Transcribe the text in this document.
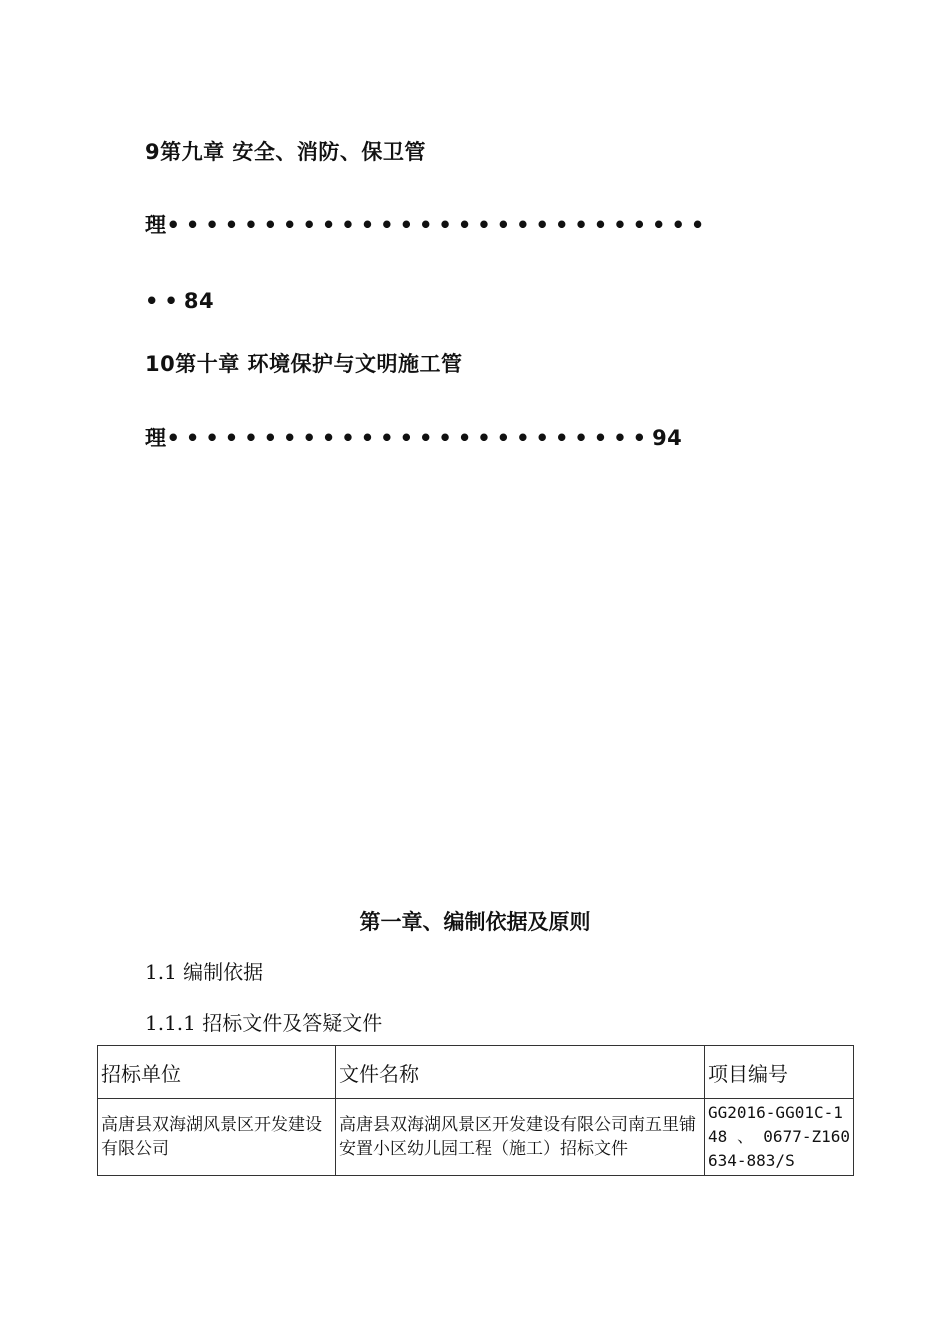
9第九章 安全、消防、保卫管
理••••••••••••••••••••••••••••
••84
10第十章 环境保护与文明施工管
理•••••••••••••••••••••••••94
第一章、编制依据及原则
1.1 编制依据
1.1.1 招标文件及答疑文件
招标单位	文件名称	项目编号
高唐县双海湖风景区开发建设有限公司	高唐县双海湖风景区开发建设有限公司南五里铺安置小区幼儿园工程（施工）招标文件	GG2016-GG01C-148 、 0677-Z160634-883/S
